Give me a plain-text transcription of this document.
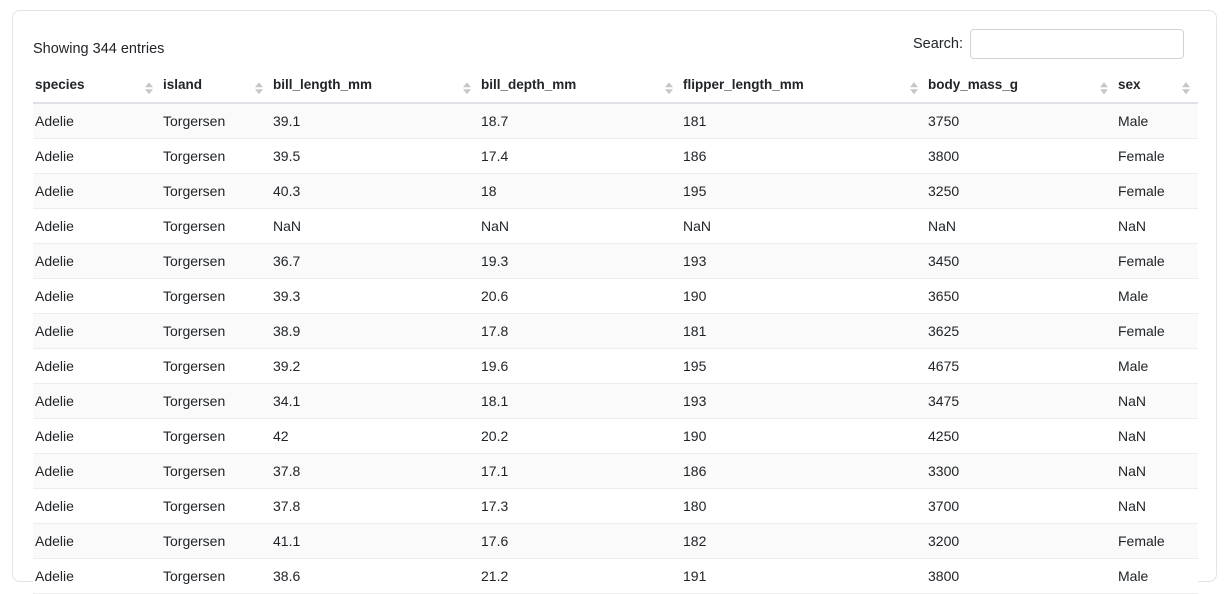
Showing 344 entries	Search:
species	island	bill_length_mm	bill_depth_mm	flipper_length_mm	body_mass_g	sex

Adelie	Torgersen	39.1	18.7	181	3750	Male
Adelie	Torgersen	39.5	17.4	186	3800	Female
Adelie	Torgersen	40.3	18	195	3250	Female
Adelie	Torgersen	NaN	NaN	NaN	NaN	NaN
Adelie	Torgersen	36.7	19.3	193	3450	Female
Adelie	Torgersen	39.3	20.6	190	3650	Male
Adelie	Torgersen	38.9	17.8	181	3625	Female
Adelie	Torgersen	39.2	19.6	195	4675	Male
Adelie	Torgersen	34.1	18.1	193	3475	NaN
Adelie	Torgersen	42	20.2	190	4250	NaN
Adelie	Torgersen	37.8	17.1	186	3300	NaN
Adelie	Torgersen	37.8	17.3	180	3700	NaN
Adelie	Torgersen	41.1	17.6	182	3200	Female
Adelie	Torgersen	38.6	21.2	191	3800	Male
